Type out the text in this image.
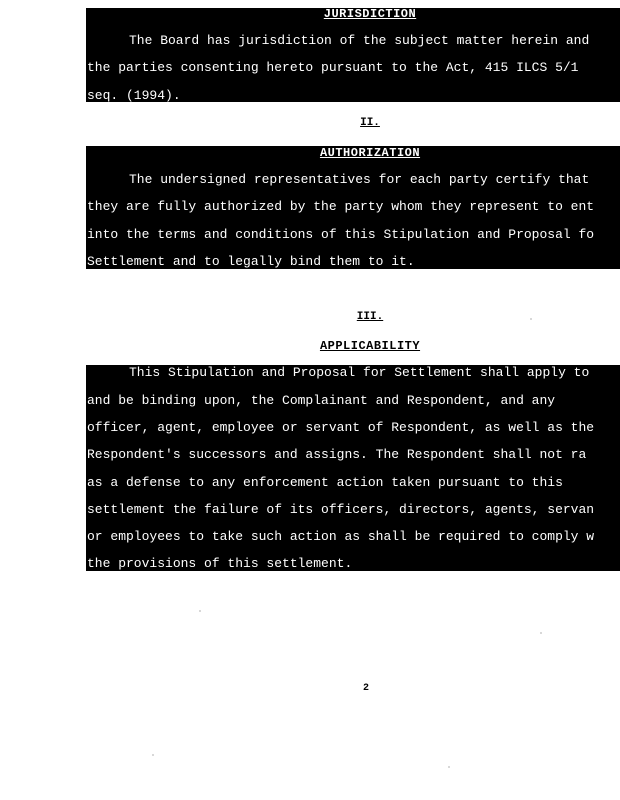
JURISDICTION
The Board has jurisdiction of the subject matter herein and
the parties consenting hereto pursuant to the Act, 415 ILCS 5/1
seq. (1994).
II.
AUTHORIZATION
The undersigned representatives for each party certify that
they are fully authorized by the party whom they represent to ent
into the terms and conditions of this Stipulation and Proposal fo
Settlement and to legally bind them to it.
III.
APPLICABILITY
This Stipulation and Proposal for Settlement shall apply to
and be binding upon, the Complainant and Respondent, and any
officer, agent, employee or servant of Respondent, as well as the
Respondent's successors and assigns. The Respondent shall not ra
as a defense to any enforcement action taken pursuant to this
settlement the failure of its officers, directors, agents, servan
or employees to take such action as shall be required to comply w
the provisions of this settlement.
2
